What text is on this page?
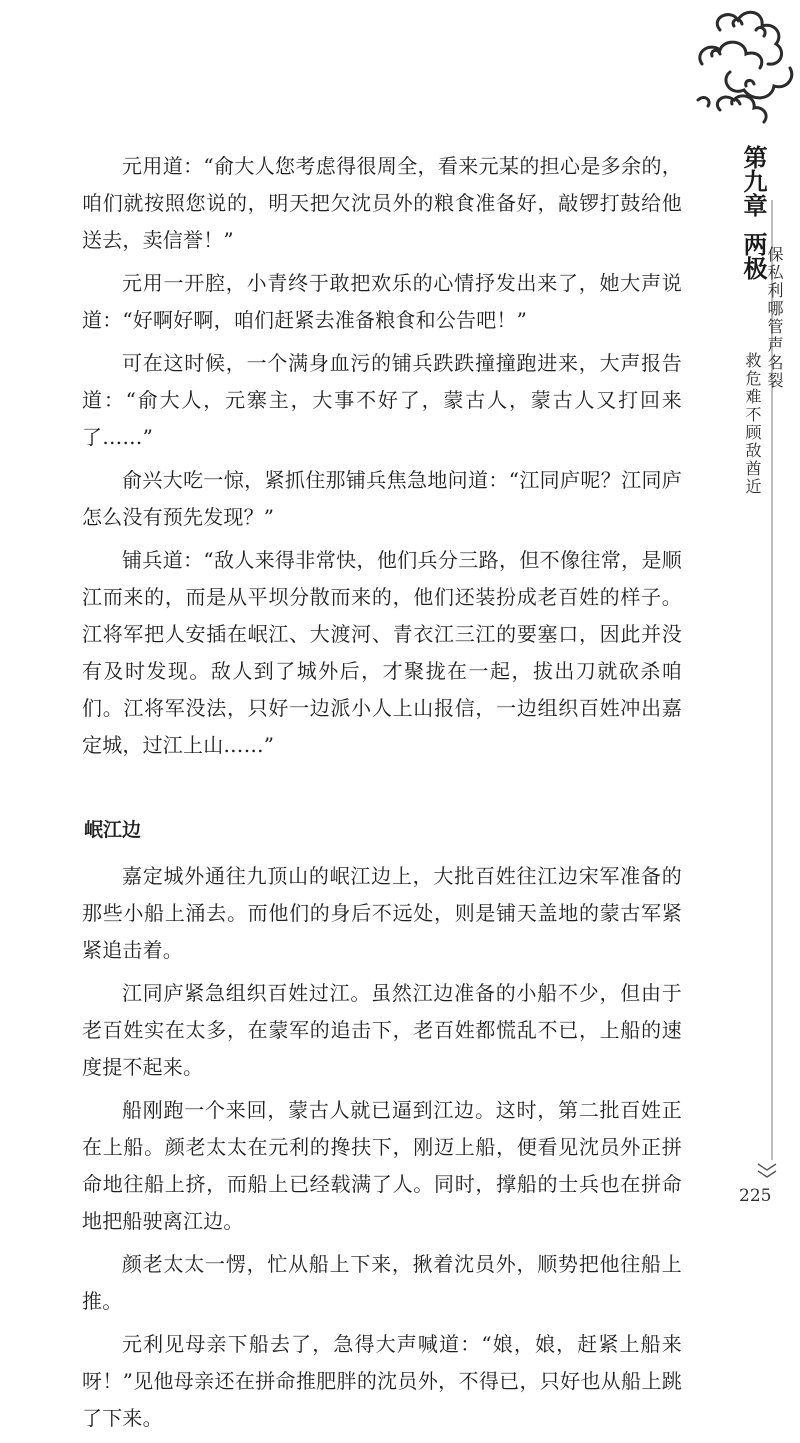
第九章
两极
保私利哪管声名裂
救危难不顾敌酋近

元用道：“俞大人您考虑得很周全，看来元某的担心是多余的，咱们就按照您说的，明天把欠沈员外的粮食准备好，敲锣打鼓给他送去，卖信誉！”

元用一开腔，小青终于敢把欢乐的心情抒发出来了，她大声说道：“好啊好啊，咱们赶紧去准备粮食和公告吧！”

可在这时候，一个满身血污的铺兵跌跌撞撞跑进来，大声报告道：“俞大人，元寨主，大事不好了，蒙古人，蒙古人又打回来了……”

俞兴大吃一惊，紧抓住那铺兵焦急地问道：“江同庐呢？江同庐怎么没有预先发现？”

铺兵道：“敌人来得非常快，他们兵分三路，但不像往常，是顺江而来的，而是从平坝分散而来的，他们还装扮成老百姓的样子。江将军把人安插在岷江、大渡河、青衣江三江的要塞口，因此并没有及时发现。敌人到了城外后，才聚拢在一起，拔出刀就砍杀咱们。江将军没法，只好一边派小人上山报信，一边组织百姓冲出嘉定城，过江上山……”

岷江边

嘉定城外通往九顶山的岷江边上，大批百姓往江边宋军准备的那些小船上涌去。而他们的身后不远处，则是铺天盖地的蒙古军紧紧追击着。

江同庐紧急组织百姓过江。虽然江边准备的小船不少，但由于老百姓实在太多，在蒙军的追击下，老百姓都慌乱不已，上船的速度提不起来。

船刚跑一个来回，蒙古人就已逼到江边。这时，第二批百姓正在上船。颜老太太在元利的搀扶下，刚迈上船，便看见沈员外正拼命地往船上挤，而船上已经载满了人。同时，撑船的士兵也在拼命地把船驶离江边。

颜老太太一愣，忙从船上下来，揪着沈员外，顺势把他往船上推。

元利见母亲下船去了，急得大声喊道：“娘，娘，赶紧上船来呀！”见他母亲还在拼命推肥胖的沈员外，不得已，只好也从船上跳了下来。

225
